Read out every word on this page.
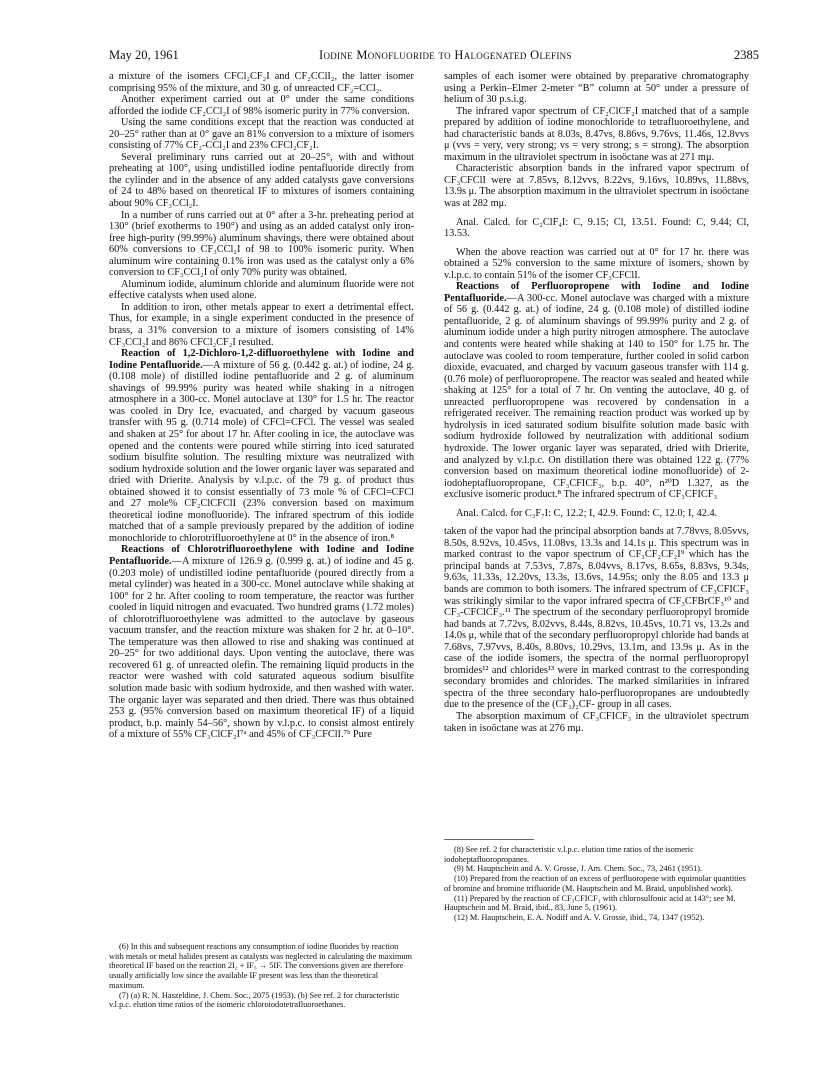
May 20, 1961	Iodine Monofluoride to Halogenated Olefins	2385

a mixture of the isomers CFCl₂CF₂I and CF₂CClI₂, the latter isomer comprising 95% of the mixture, and 30 g. of unreacted CF₂=CCl₂.

Another experiment carried out at 0° under the same conditions afforded the iodide CF₂CCl₂I of 98% isomeric purity in 77% conversion.

Using the same conditions except that the reaction was conducted at 20–25° rather than at 0° gave an 81% conversion to a mixture of isomers consisting of 77% CF₂-CCl₂I and 23% CFCl₂CF₂I.

Several preliminary runs carried out at 20–25°, with and without preheating at 100°, using undistilled iodine pentafluoride directly from the cylinder and in the absence of any added catalysts gave conversions of 24 to 48% based on theoretical IF to mixtures of isomers containing about 90% CF₃CCl₂I.

In a number of runs carried out at 0° after a 3-hr. preheating period at 130° (brief exotherms to 190°) and using as an added catalyst only iron-free high-purity (99.99%) aluminum shavings, there were obtained about 60% conversions to CF₃CCl₂I of 98 to 100% isomeric purity. When aluminum wire containing 0.1% iron was used as the catalyst only a 6% conversion to CF₃CCl₂I of only 70% purity was obtained.

Aluminum iodide, aluminum chloride and aluminum fluoride were not effective catalysts when used alone.

In addition to iron, other metals appear to exert a detrimental effect. Thus, for example, in a single experiment conducted in the presence of brass, a 31% conversion to a mixture of isomers consisting of 14% CF₃CCl₂I and 86% CFCl₂CF₂I resulted.

Reaction of 1,2-Dichloro-1,2-difluoroethylene with Iodine and Iodine Pentafluoride.—A mixture of 56 g. (0.442 g. at.) of iodine, 24 g. (0.108 mole) of distilled iodine pentafluoride and 2 g. of aluminum shavings of 99.99% purity was heated while shaking in a nitrogen atmosphere in a 300-cc. Monel autoclave at 130° for 1.5 hr. The reactor was cooled in Dry Ice, evacuated, and charged by vacuum gaseous transfer with 95 g. (0.714 mole) of CFCl=CFCl. The vessel was sealed and shaken at 25° for about 17 hr. After cooling in ice, the autoclave was opened and the contents were poured while stirring into iced saturated sodium bisulfite solution. The resulting mixture was neutralized with sodium hydroxide solution and the lower organic layer was separated and dried with Drierite. Analysis by v.l.p.c. of the 79 g. of product thus obtained showed it to consist essentially of 73 mole % of CFCl=CFCl and 27 mole% CF₂ClCFClI (23% conversion based on maximum theoretical iodine monofluoride). The infrared spectrum of this iodide matched that of a sample previously prepared by the addition of iodine monochloride to chlorotrifluoroethylene at 0° in the absence of iron.⁸

Reactions of Chlorotrifluoroethylene with Iodine and Iodine Pentafluoride.—A mixture of 126.9 g. (0.999 g. at.) of iodine and 45 g. (0.203 mole) of undistilled iodine pentafluoride (poured directly from a metal cylinder) was heated in a 300-cc. Monel autoclave while shaking at 100° for 2 hr. After cooling to room temperature, the reactor was further cooled in liquid nitrogen and evacuated. Two hundred grams (1.72 moles) of chlorotrifluoroethylene was admitted to the autoclave by gaseous vacuum transfer, and the reaction mixture was shaken for 2 hr. at 0–10°. The temperature was then allowed to rise and shaking was continued at 20–25° for two additional days. Upon venting the autoclave, there was recovered 61 g. of unreacted olefin. The remaining liquid products in the reactor were washed with cold saturated aqueous sodium bisulfite solution made basic with sodium hydroxide, and then washed with water. The organic layer was separated and then dried. There was thus obtained 253 g. (95% conversion based on maximum theoretical IF) of a liquid product, b.p. mainly 54–56°, shown by v.l.p.c. to consist almost entirely of a mixture of 55% CF₃ClCF₂I⁷ᵃ and 45% of CF₃CFClI.⁷ᵇ Pure

(6) In this and subsequent reactions any consumption of iodine fluorides by reaction with metals or metal halides present as catalysts was neglected in calculating the maximum theoretical IF based on the reaction 2I₂ + IF₅ → 5IF. The conversions given are therefore usually artificially low since the available IF present was less than the theoretical maximum.

(7) (a) R. N. Haszeldine, J. Chem. Soc., 2075 (1953). (b) See ref. 2 for characteristic v.l.p.c. elution time ratios of the isomeric chloroiodotetrafluoroethanes.

samples of each isomer were obtained by preparative chromatography using a Perkin–Elmer 2-meter “B” column at 50° under a pressure of helium of 30 p.s.i.g.

The infrared vapor spectrum of CF₂ClCF₂I matched that of a sample prepared by addition of iodine monochloride to tetrafluoroethylene, and had characteristic bands at 8.03s, 8.47vs, 8.86vs, 9.76vs, 11.46s, 12.8vvs μ (vvs = very, very strong; vs = very strong; s = strong). The absorption maximum in the ultraviolet spectrum in isoöctane was at 271 mμ.

Characteristic absorption bands in the infrared vapor spectrum of CF₃CFClI were at 7.85vs, 8.12vvs, 8.22vs, 9.16vs, 10.89vs, 11.88vs, 13.9s μ. The absorption maximum in the ultraviolet spectrum in isoöctane was at 282 mμ.

Anal. Calcd. for C₂ClF₄I: C, 9.15; Cl, 13.51. Found: C, 9.44; Cl, 13.53.

When the above reaction was carried out at 0° for 17 hr. there was obtained a 52% conversion to the same mixture of isomers, shown by v.l.p.c. to contain 51% of the isomer CF₃CFClI.

Reactions of Perfluoropropene with Iodine and Iodine Pentafluoride.—A 300-cc. Monel autoclave was charged with a mixture of 56 g. (0.442 g. at.) of iodine, 24 g. (0.108 mole) of distilled iodine pentafluoride, 2 g. of aluminum shavings of 99.99% purity and 2 g. of aluminum iodide under a high purity nitrogen atmosphere. The autoclave and contents were heated while shaking at 140 to 150° for 1.75 hr. The autoclave was cooled to room temperature, further cooled in solid carbon dioxide, evacuated, and charged by vacuum gaseous transfer with 114 g. (0.76 mole) of perfluoropropene. The reactor was sealed and heated while shaking at 125° for a total of 7 hr. On venting the autoclave, 40 g. of unreacted perfluoropropene was recovered by condensation in a refrigerated receiver. The remaining reaction product was worked up by hydrolysis in iced saturated sodium bisulfite solution made basic with sodium hydroxide followed by neutralization with additional sodium hydroxide. The lower organic layer was separated, dried with Drierite, and analyzed by v.l.p.c. On distillation there was obtained 122 g. (77% conversion based on maximum theoretical iodine monofluoride) of 2-iodoheptafluoropropane, CF₃CFICF₃, b.p. 40°, n²⁰D 1.327, as the exclusive isomeric product.⁸ The infrared spectrum of CF₃CFICF₃

Anal. Calcd. for C₃F₇I: C, 12.2; I, 42.9. Found: C, 12.0; I, 42.4.

taken of the vapor had the principal absorption bands at 7.78vvs, 8.05vvs, 8.50s, 8.92vs, 10.45vs, 11.08vs, 13.3s and 14.1s μ. This spectrum was in marked contrast to the vapor spectrum of CF₃CF₂CF₂I⁹ which has the principal bands at 7.53vs, 7.87s, 8.04vvs, 8.17vs, 8.65s, 8.83vs, 9.34s, 9.63s, 11.33s, 12.20vs, 13.3s, 13.6vs, 14.95s; only the 8.05 and 13.3 μ bands are common to both isomers. The infrared spectrum of CF₃CFICF₃ was strikingly similar to the vapor infrared spectra of CF₃CFBrCF₃¹⁰ and CF₃-CFClCF₃.¹¹ The spectrum of the secondary perfluoropropyl bromide had bands at 7.72vs, 8.02vvs, 8.44s, 8.82vs, 10.45vs, 10.71 vs, 13.2s and 14.0s μ, while that of the secondary perfluoropropyl chloride had bands at 7.68vs, 7.97vvs, 8.40s, 8.80vs, 10.29vs, 13.1m, and 13.9s μ. As in the case of the iodide isomers, the spectra of the normal perfluoropropyl bromides¹² and chlorides¹³ were in marked contrast to the corresponding secondary bromides and chlorides. The marked similarities in infrared spectra of the three secondary halo-perfluoropropanes are undoubtedly due to the presence of the (CF₃)₂CF- group in all cases.

The absorption maximum of CF₃CFICF₃ in the ultraviolet spectrum taken in isoöctane was at 276 mμ.

(8) See ref. 2 for characteristic v.l.p.c. elution time ratios of the isomeric iodoheptafluoropropanes.

(9) M. Hauptschein and A. V. Grosse, J. Am. Chem. Soc., 73, 2461 (1951).

(10) Prepared from the reaction of an excess of perfluoropene with equimolar quantities of bromine and bromine trifluoride (M. Hauptschein and M. Braid, unpublished work).

(11) Prepared by the reaction of CF₃CFICF₃ with chlorosulfonic acid at 143°; see M. Hauptschein and M. Braid, ibid., 83, June 5, (1961).

(12) M. Hauptschein, E. A. Nodiff and A. V. Grosse, ibid., 74, 1347 (1952).
